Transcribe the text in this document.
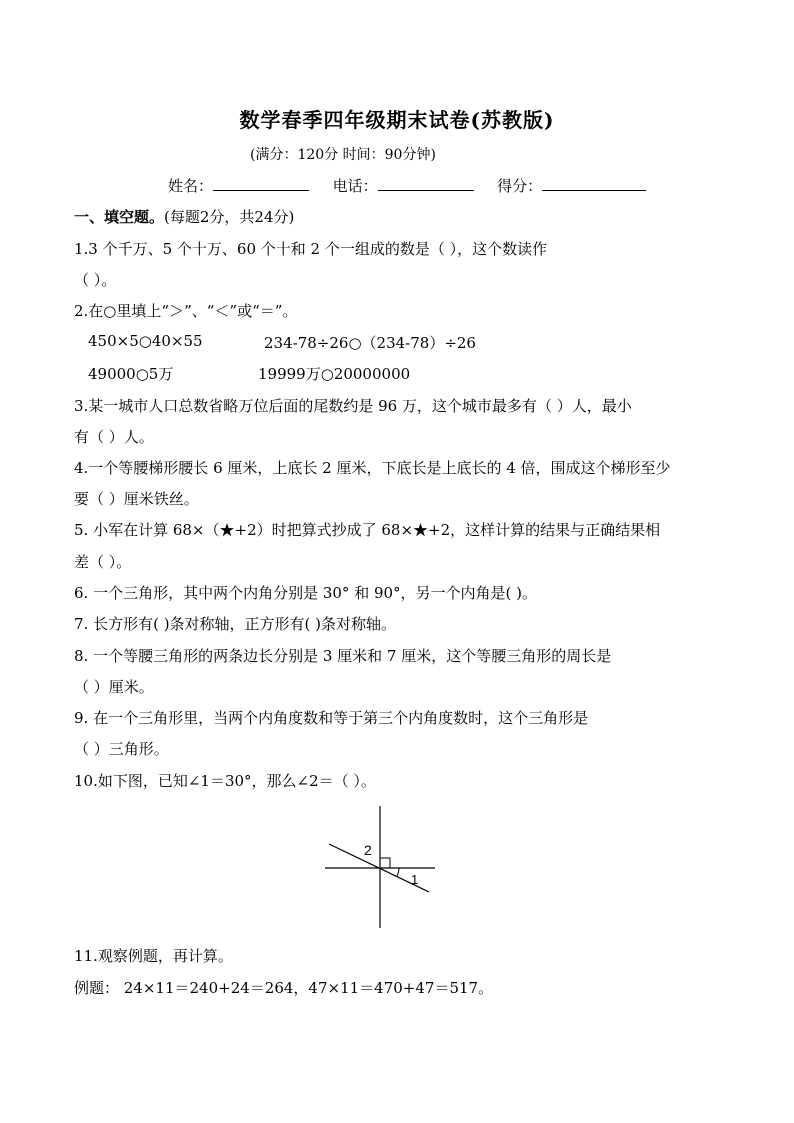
数学春季四年级期末试卷(苏教版)
(满分：120分 时间：90分钟)
姓名：	电话：	得分：
一、填空题。(每题2分，共24分)
1.3 个千万、5 个十万、60 个十和 2 个一组成的数是（ ），这个数读作
（ ）。
2.在○里填上“＞”、“＜”或“＝”。
450×5○40×55	234-78÷26○（234-78）÷26
49000○5万	19999万○20000000
3.某一城市人口总数省略万位后面的尾数约是 96 万，这个城市最多有（ ）人，最小
有（ ）人。
4.一个等腰梯形腰长 6 厘米，上底长 2 厘米，下底长是上底长的 4 倍，围成这个梯形至少
要（ ）厘米铁丝。
5. 小军在计算 68×（★+2）时把算式抄成了 68×★+2，这样计算的结果与正确结果相
差（ ）。
6. 一个三角形，其中两个内角分别是 30° 和 90°，另一个内角是( )。
7. 长方形有( )条对称轴，正方形有( )条对称轴。
8. 一个等腰三角形的两条边长分别是 3 厘米和 7 厘米，这个等腰三角形的周长是
（ ）厘米。
9. 在一个三角形里，当两个内角度数和等于第三个内角度数时，这个三角形是
（ ）三角形。
10.如下图，已知∠1＝30°，那么∠2＝（ ）。
2
1
11.观察例题，再计算。
例题： 24×11＝240+24＝264，47×11＝470+47＝517。
